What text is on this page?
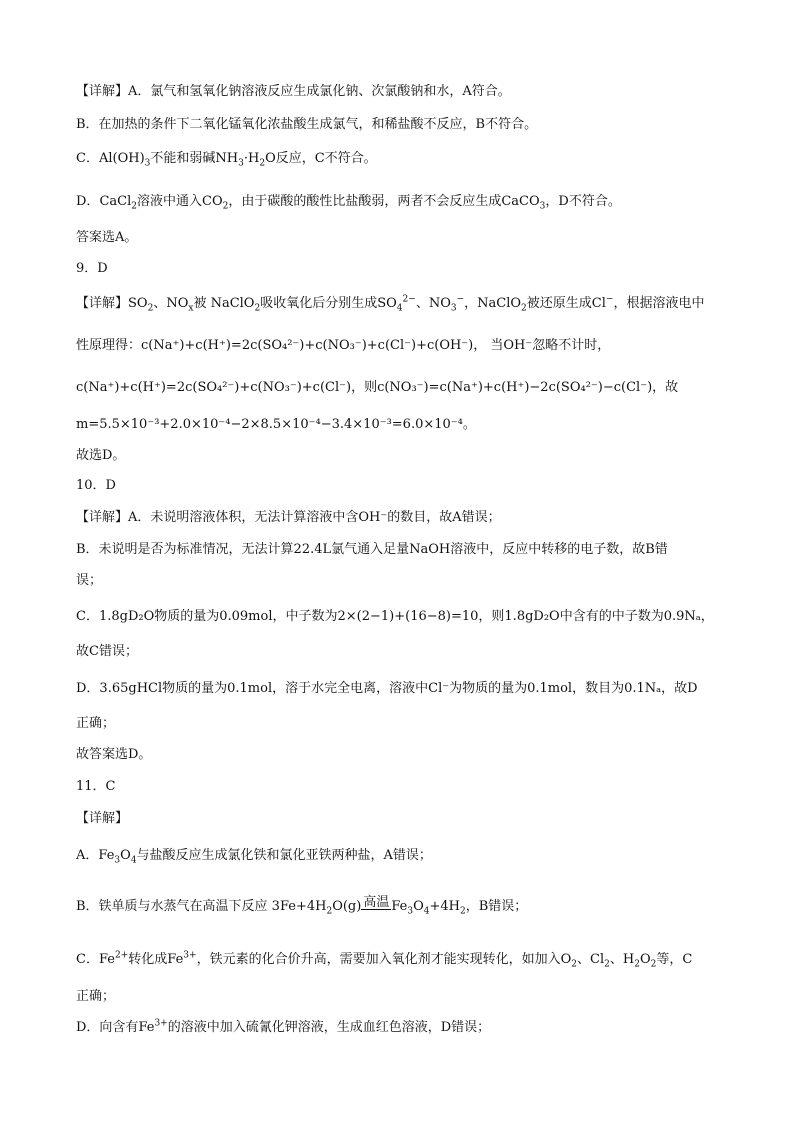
【详解】A．氯气和氢氧化钠溶液反应生成氯化钠、次氯酸钠和水，A符合。
B．在加热的条件下二氧化锰氧化浓盐酸生成氯气，和稀盐酸不反应，B不符合。
C．$Al(OH)_3$不能和弱碱$NH_3\cdot H_2O$反应，C不符合。
D．CaCl$_2$溶液中通入$CO_2$，由于碳酸的酸性比盐酸弱，两者不会反应生成CaCO$_3$，D不符合。
答案选A。
9．D
【详解】$SO_2$、$NO_x$被 NaClO$_2$吸收氧化后分别生成$SO_4^{2-}$、$NO_3^-$，NaClO$_2$被还原生成Cl−，根据溶液电中
性原理得：c(Na⁺)+c(H⁺)=2c(SO₄²⁻)+c(NO₃⁻)+c(Cl⁻)+c(OH⁻)， 当OH⁻忽略不计时，
c(Na⁺)+c(H⁺)=2c(SO₄²⁻)+c(NO₃⁻)+c(Cl⁻)，则c(NO₃⁻)=c(Na⁺)+c(H⁺)−2c(SO₄²⁻)−c(Cl⁻)，故
m=5.5×10⁻³+2.0×10⁻⁴−2×8.5×10⁻⁴−3.4×10⁻³=6.0×10⁻⁴。
故选D。
10．D
【详解】A．未说明溶液体积，无法计算溶液中含OH⁻的数目，故A错误；
B．未说明是否为标准情况，无法计算22.4L氯气通入足量NaOH溶液中，反应中转移的电子数，故B错
误；
C．1.8gD₂O物质的量为0.09mol，中子数为2×(2−1)+(16−8)=10，则1.8gD₂O中含有的中子数为0.9Nₐ，
故C错误；
D．3.65gHCl物质的量为0.1mol，溶于水完全电离，溶液中Cl⁻为物质的量为0.1mol，数目为0.1Nₐ，故D
正确；
故答案选D。
11．C
【详解】
A．$Fe_3O_4$与盐酸反应生成氯化铁和氯化亚铁两种盐，A错误；
B．铁单质与水蒸气在高温下反应 $3Fe+4H_2O(g)$ 高温 $Fe_3O_4+4H_2$，B错误；
C．$Fe^{2+}$转化成$Fe^{3+}$，铁元素的化合价升高，需要加入氧化剂才能实现转化，如加入$O_2$、$Cl_2$、$H_2O_2$等，C
正确；
D．向含有$Fe^{3+}$的溶液中加入硫氰化钾溶液，生成血红色溶液，D错误；
